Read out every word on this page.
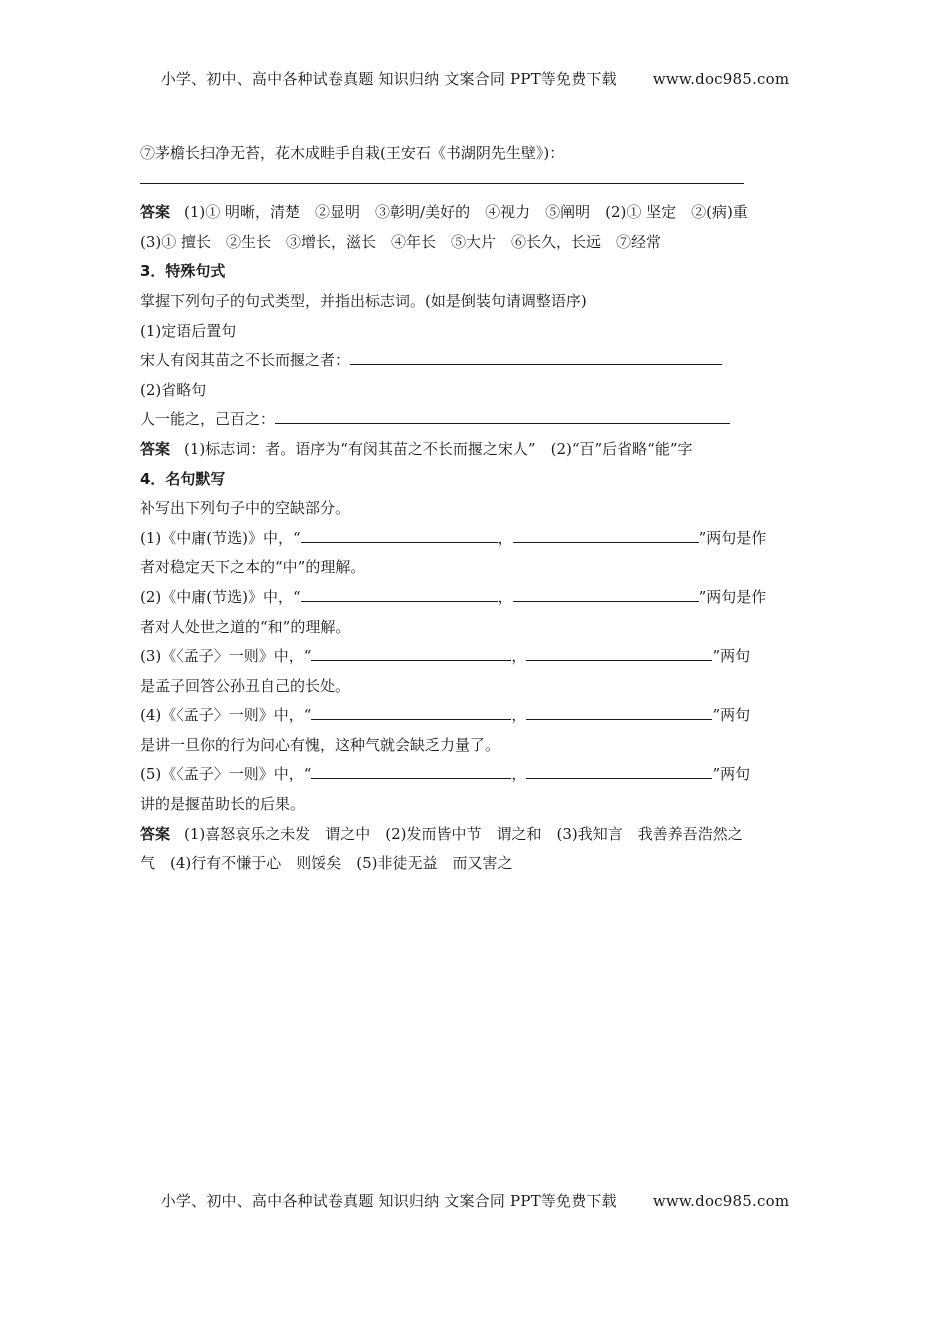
小学、初中、高中各种试卷真题 知识归纳 文案合同 PPT等免费下载 www.doc985.com
⑦茅檐长扫净无苔，花木成畦手自栽(王安石《书湖阴先生壁》)：
答案 (1)① 明晰，清楚　②显明　③彰明/美好的　④视力　⑤阐明　(2)① 坚定　②(病)重
(3)① 擅长　②生长　③增长，滋长　④年长　⑤大片　⑥长久，长远　⑦经常
3．特殊句式
掌握下列句子的句式类型，并指出标志词。(如是倒装句请调整语序)
(1)定语后置句
宋人有闵其苗之不长而揠之者：
(2)省略句
人一能之，己百之：
答案 (1)标志词：者。语序为“有闵其苗之不长而揠之宋人”　(2)“百”后省略“能”字
4．名句默写
补写出下列句子中的空缺部分。
(1)《中庸(节选)》中，“	，	”两句是作
者对稳定天下之本的“中”的理解。
(2)《中庸(节选)》中，“	，	”两句是作
者对人处世之道的“和”的理解。
(3)《〈孟子〉一则》中，“	，	”两句
是孟子回答公孙丑自己的长处。
(4)《〈孟子〉一则》中，“	，	”两句
是讲一旦你的行为问心有愧，这种气就会缺乏力量了。
(5)《〈孟子〉一则》中，“	，	”两句
讲的是揠苗助长的后果。
答案 (1)喜怒哀乐之未发　谓之中　(2)发而皆中节　谓之和　(3)我知言　我善养吾浩然之
气　(4)行有不慊于心　则馁矣　(5)非徒无益　而又害之
小学、初中、高中各种试卷真题 知识归纳 文案合同 PPT等免费下载 www.doc985.com
